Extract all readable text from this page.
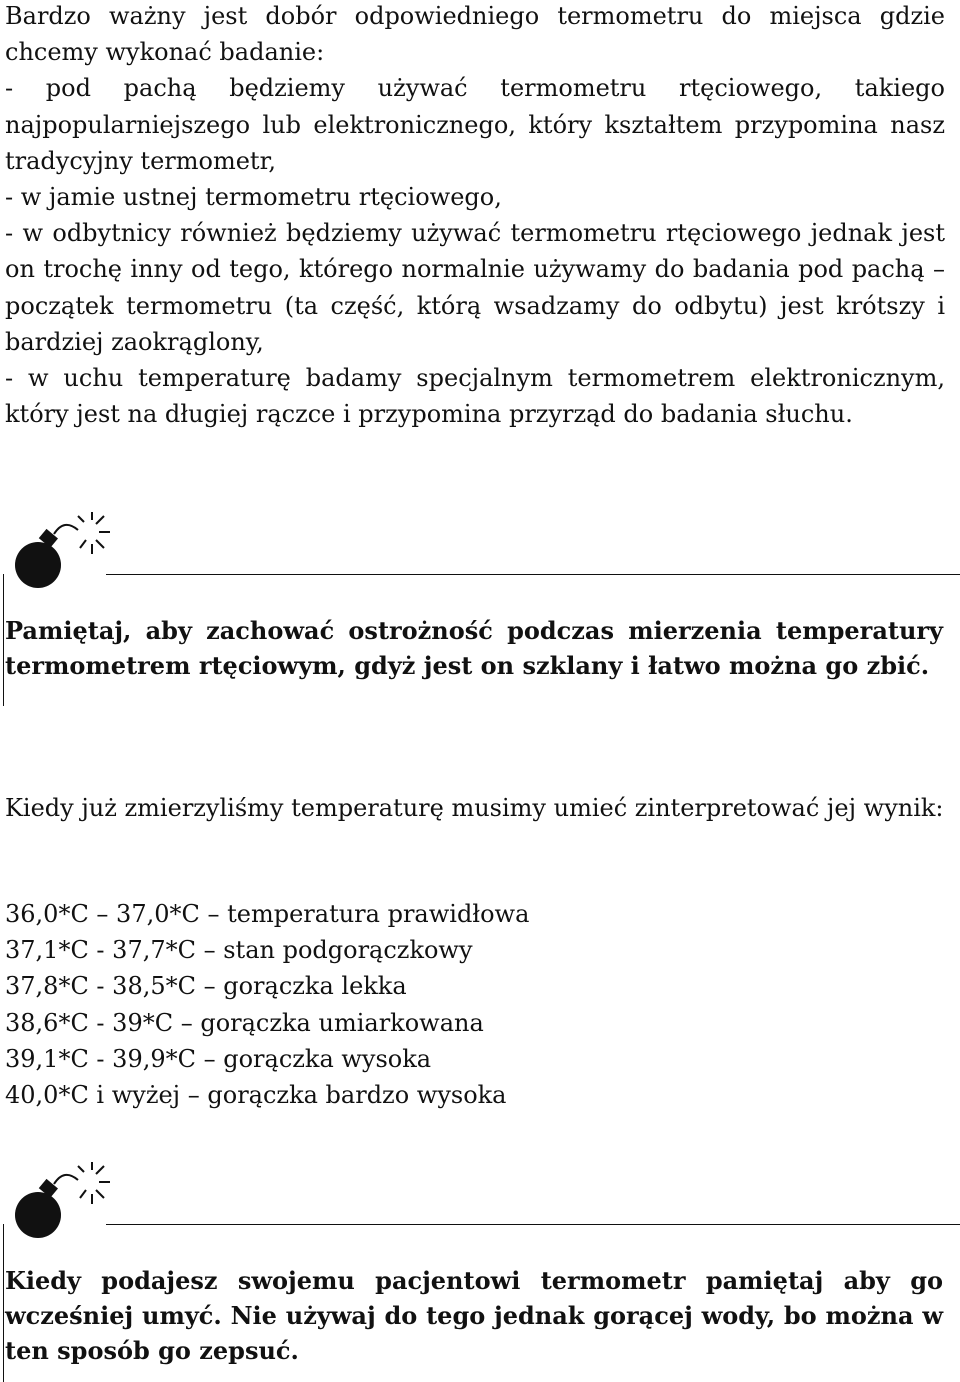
Bardzo ważny jest dobór odpowiedniego termometru do miejsca gdzie chcemy wykonać badanie:

- pod pachą będziemy używać termometru rtęciowego, takiego najpopularniejszego lub elektronicznego, który kształtem przypomina nasz tradycyjny termometr,

- w jamie ustnej termometru rtęciowego,

- w odbytnicy również będziemy używać termometru rtęciowego jednak jest on trochę inny od tego, którego normalnie używamy do badania pod pachą – początek termometru (ta część, którą wsadzamy do odbytu) jest krótszy i bardziej zaokrąglony,

- w uchu temperaturę badamy specjalnym termometrem elektronicznym, który jest na długiej rączce i przypomina przyrząd do badania słuchu.

Pamiętaj, aby zachować ostrożność podczas mierzenia temperatury termometrem rtęciowym, gdyż jest on szklany i łatwo można go zbić.
Kiedy już zmierzyliśmy temperaturę musimy umieć zinterpretować jej wynik:
36,0*C – 37,0*C – temperatura prawidłowa
37,1*C - 37,7*C – stan podgorączkowy
37,8*C - 38,5*C – gorączka lekka
38,6*C - 39*C – gorączka umiarkowana
39,1*C - 39,9*C – gorączka wysoka
40,0*C i wyżej – gorączka bardzo wysoka
Kiedy podajesz swojemu pacjentowi termometr pamiętaj aby go wcześniej umyć. Nie używaj do tego jednak gorącej wody, bo można w ten sposób go zepsuć.
